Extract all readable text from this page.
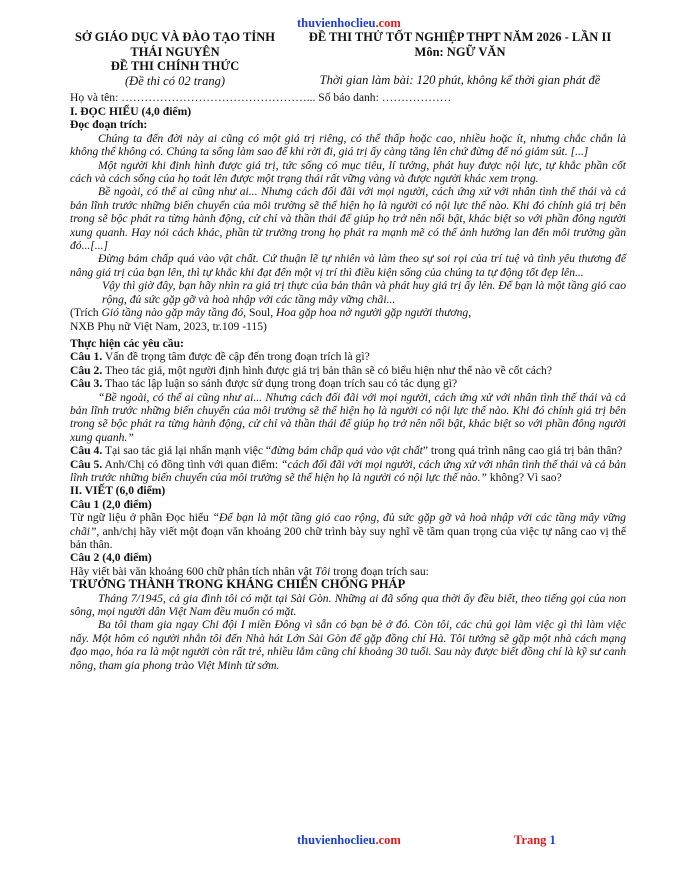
thuvienhoclieu.com
SỞ GIÁO DỤC VÀ ĐÀO TẠO TỈNH
THÁI NGUYÊN
ĐỀ THI CHÍNH THỨC
(Đề thi có 02 trang)
ĐỀ THI THỬ TỐT NGHIỆP THPT NĂM 2026 - LẦN II
Môn: NGỮ VĂN
Thời gian làm bài: 120 phút, không kể thời gian phát đề

Họ và tên: …………………………………………... Số báo danh: ………………

I. ĐỌC HIỂU (4,0 điểm)

Đọc đoạn trích:

Chúng ta đến đời này ai cũng có một giá trị riêng, có thể thấp hoặc cao, nhiều hoặc ít, nhưng chắc chắn là không thể không có. Chúng ta sống làm sao để khi rời đi, giá trị ấy càng tăng lên chứ đừng để nó giảm sút. [...]

Một người khi định hình được giá trị, tức sống có mục tiêu, lí tưởng, phát huy được nội lực, tự khắc phần cốt cách và cách sống của họ toát lên được một trạng thái rất vững vàng và được người khác xem trọng.

Bề ngoài, có thể ai cũng như ai... Nhưng cách đối đãi với mọi người, cách ứng xử với nhân tình thế thái và cả bản lĩnh trước những biến chuyển của môi trường sẽ thể hiện họ là người có nội lực thế nào. Khi đó chính giá trị bên trong sẽ bộc phát ra từng hành động, cử chỉ và thần thái để giúp họ trở nên nổi bật, khác biệt so với phần đông người xung quanh. Hay nói cách khác, phần từ trường trong họ phát ra mạnh mẽ có thể ảnh hưởng lan đến môi trường gần đó...[...]

Đừng bám chấp quá vào vật chất. Cứ thuận lẽ tự nhiên và làm theo sự soi rọi của trí tuệ và tình yêu thương để nâng giá trị của bạn lên, thì tự khắc khi đạt đến một vị trí thì điều kiện sống của chúng ta tự động tốt đẹp lên...

Vậy thì giờ đây, bạn hãy nhìn ra giá trị thực của bản thân và phát huy giá trị ấy lên. Để bạn là một tầng gió cao rộng, đủ sức gặp gỡ và hoà nhập với các tầng mây vững chãi...

(Trích Gió tầng nào gặp mây tầng đó, Soul, Hoa gặp hoa nở người gặp người thương,

NXB Phụ nữ Việt Nam, 2023, tr.109 -115)

Thực hiện các yêu cầu:

Câu 1. Vấn đề trọng tâm được đề cập đến trong đoạn trích là gì?

Câu 2. Theo tác giả, một người định hình được giá trị bản thân sẽ có biểu hiện như thế nào về cốt cách?

Câu 3. Thao tác lập luận so sánh được sử dụng trong đoạn trích sau có tác dụng gì?

“Bề ngoài, có thể ai cũng như ai... Nhưng cách đối đãi với mọi người, cách ứng xử với nhân tình thế thái và cả bản lĩnh trước những biến chuyển của môi trường sẽ thể hiện họ là người có nội lực thế nào. Khi đó chính giá trị bên trong sẽ bộc phát ra từng hành động, cử chỉ và thần thái để giúp họ trở nên nổi bật, khác biệt so với phần đông người xung quanh.”

Câu 4. Tại sao tác giả lại nhấn mạnh việc “đừng bám chấp quá vào vật chất” trong quá trình nâng cao giá trị bản thân?

Câu 5. Anh/Chị có đồng tình với quan điểm: “cách đối đãi với mọi người, cách ứng xử với nhân tình thế thái và cả bản lĩnh trước những biến chuyển của môi trường sẽ thể hiện họ là người có nội lực thế nào.” không? Vì sao?

II. VIẾT (6,0 điểm)

Câu 1 (2,0 điểm)

Từ ngữ liệu ở phần Đọc hiểu “Để bạn là một tầng gió cao rộng, đủ sức gặp gỡ và hoà nhập với các tầng mây vững chãi”, anh/chị hãy viết một đoạn văn khoảng 200 chữ trình bày suy nghĩ về tầm quan trọng của việc tự nâng cao vị thế bản thân.

Câu 2 (4,0 điểm)

Hãy viết bài văn khoảng 600 chữ phân tích nhân vật Tôi trong đoạn trích sau:

TRƯỞNG THÀNH TRONG KHÁNG CHIẾN CHỐNG PHÁP

Tháng 7/1945, cả gia đình tôi có mặt tại Sài Gòn. Những ai đã sống qua thời ấy đều biết, theo tiếng gọi của non sông, mọi người dân Việt Nam đều muốn có mặt.

Ba tôi tham gia ngay Chi đội I miền Đông vì sẵn có bạn bè ở đó. Còn tôi, các chủ gọi làm việc gì thì làm việc nấy. Một hôm có người nhắn tôi đến Nhà hát Lớn Sài Gòn để gặp đồng chí Hà. Tôi tưởng sẽ gặp một nhà cách mạng đạo mạo, hóa ra là một người còn rất trẻ, nhiều lắm cũng chỉ khoảng 30 tuổi. Sau này được biết đồng chí là kỹ sư canh nông, tham gia phong trào Việt Minh từ sớm.

thuvienhoclieu.com	Trang 1
